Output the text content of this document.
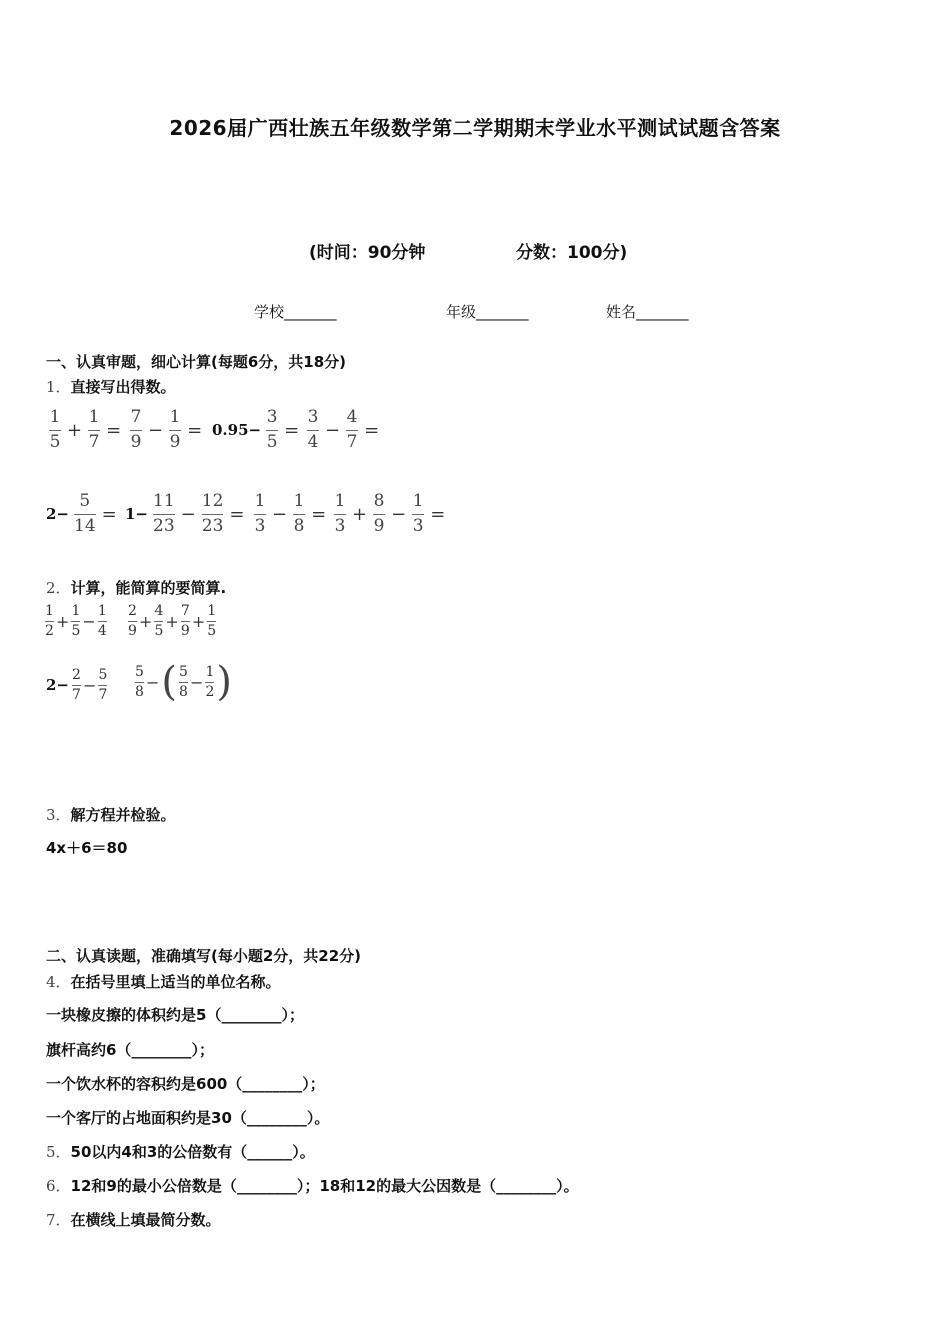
2026届广西壮族五年级数学第二学期期末学业水平测试试题含答案
(时间：90分钟	分数：100分)
学校_______	年级_______	姓名_______
一、认真审题，细心计算(每题6分，共18分)
1．直接写出得数。
1
5
+
1
7
=
7
9
−
1
9
= 0.95−
3
5
=
3
4
−
4
7
=
2−
5
14
= 1−
11
23
−
12
23
=
1
3
−
1
8
=
1
3
+
8
9
−
1
3
=
2．计算，能简算的要简算.
1
2 +
1
5 −
1
4
2
9 +
4
5 +
7
9 +
1
5
2−
2
7 −
5
7
5
8 − ( 5
8 −
1
2 )
3．解方程并检验。
4x＋6＝80
二、认真读题，准确填写(每小题2分，共22分)
4．在括号里填上适当的单位名称。
一块橡皮擦的体积约是5（________）；
旗杆高约6（________）；
一个饮水杯的容积约是600（________）；
一个客厅的占地面积约是30（________）。
5．50以内4和3的公倍数有（______）。
6．12和9的最小公倍数是（________）；18和12的最大公因数是（________）。
7．在横线上填最简分数。
